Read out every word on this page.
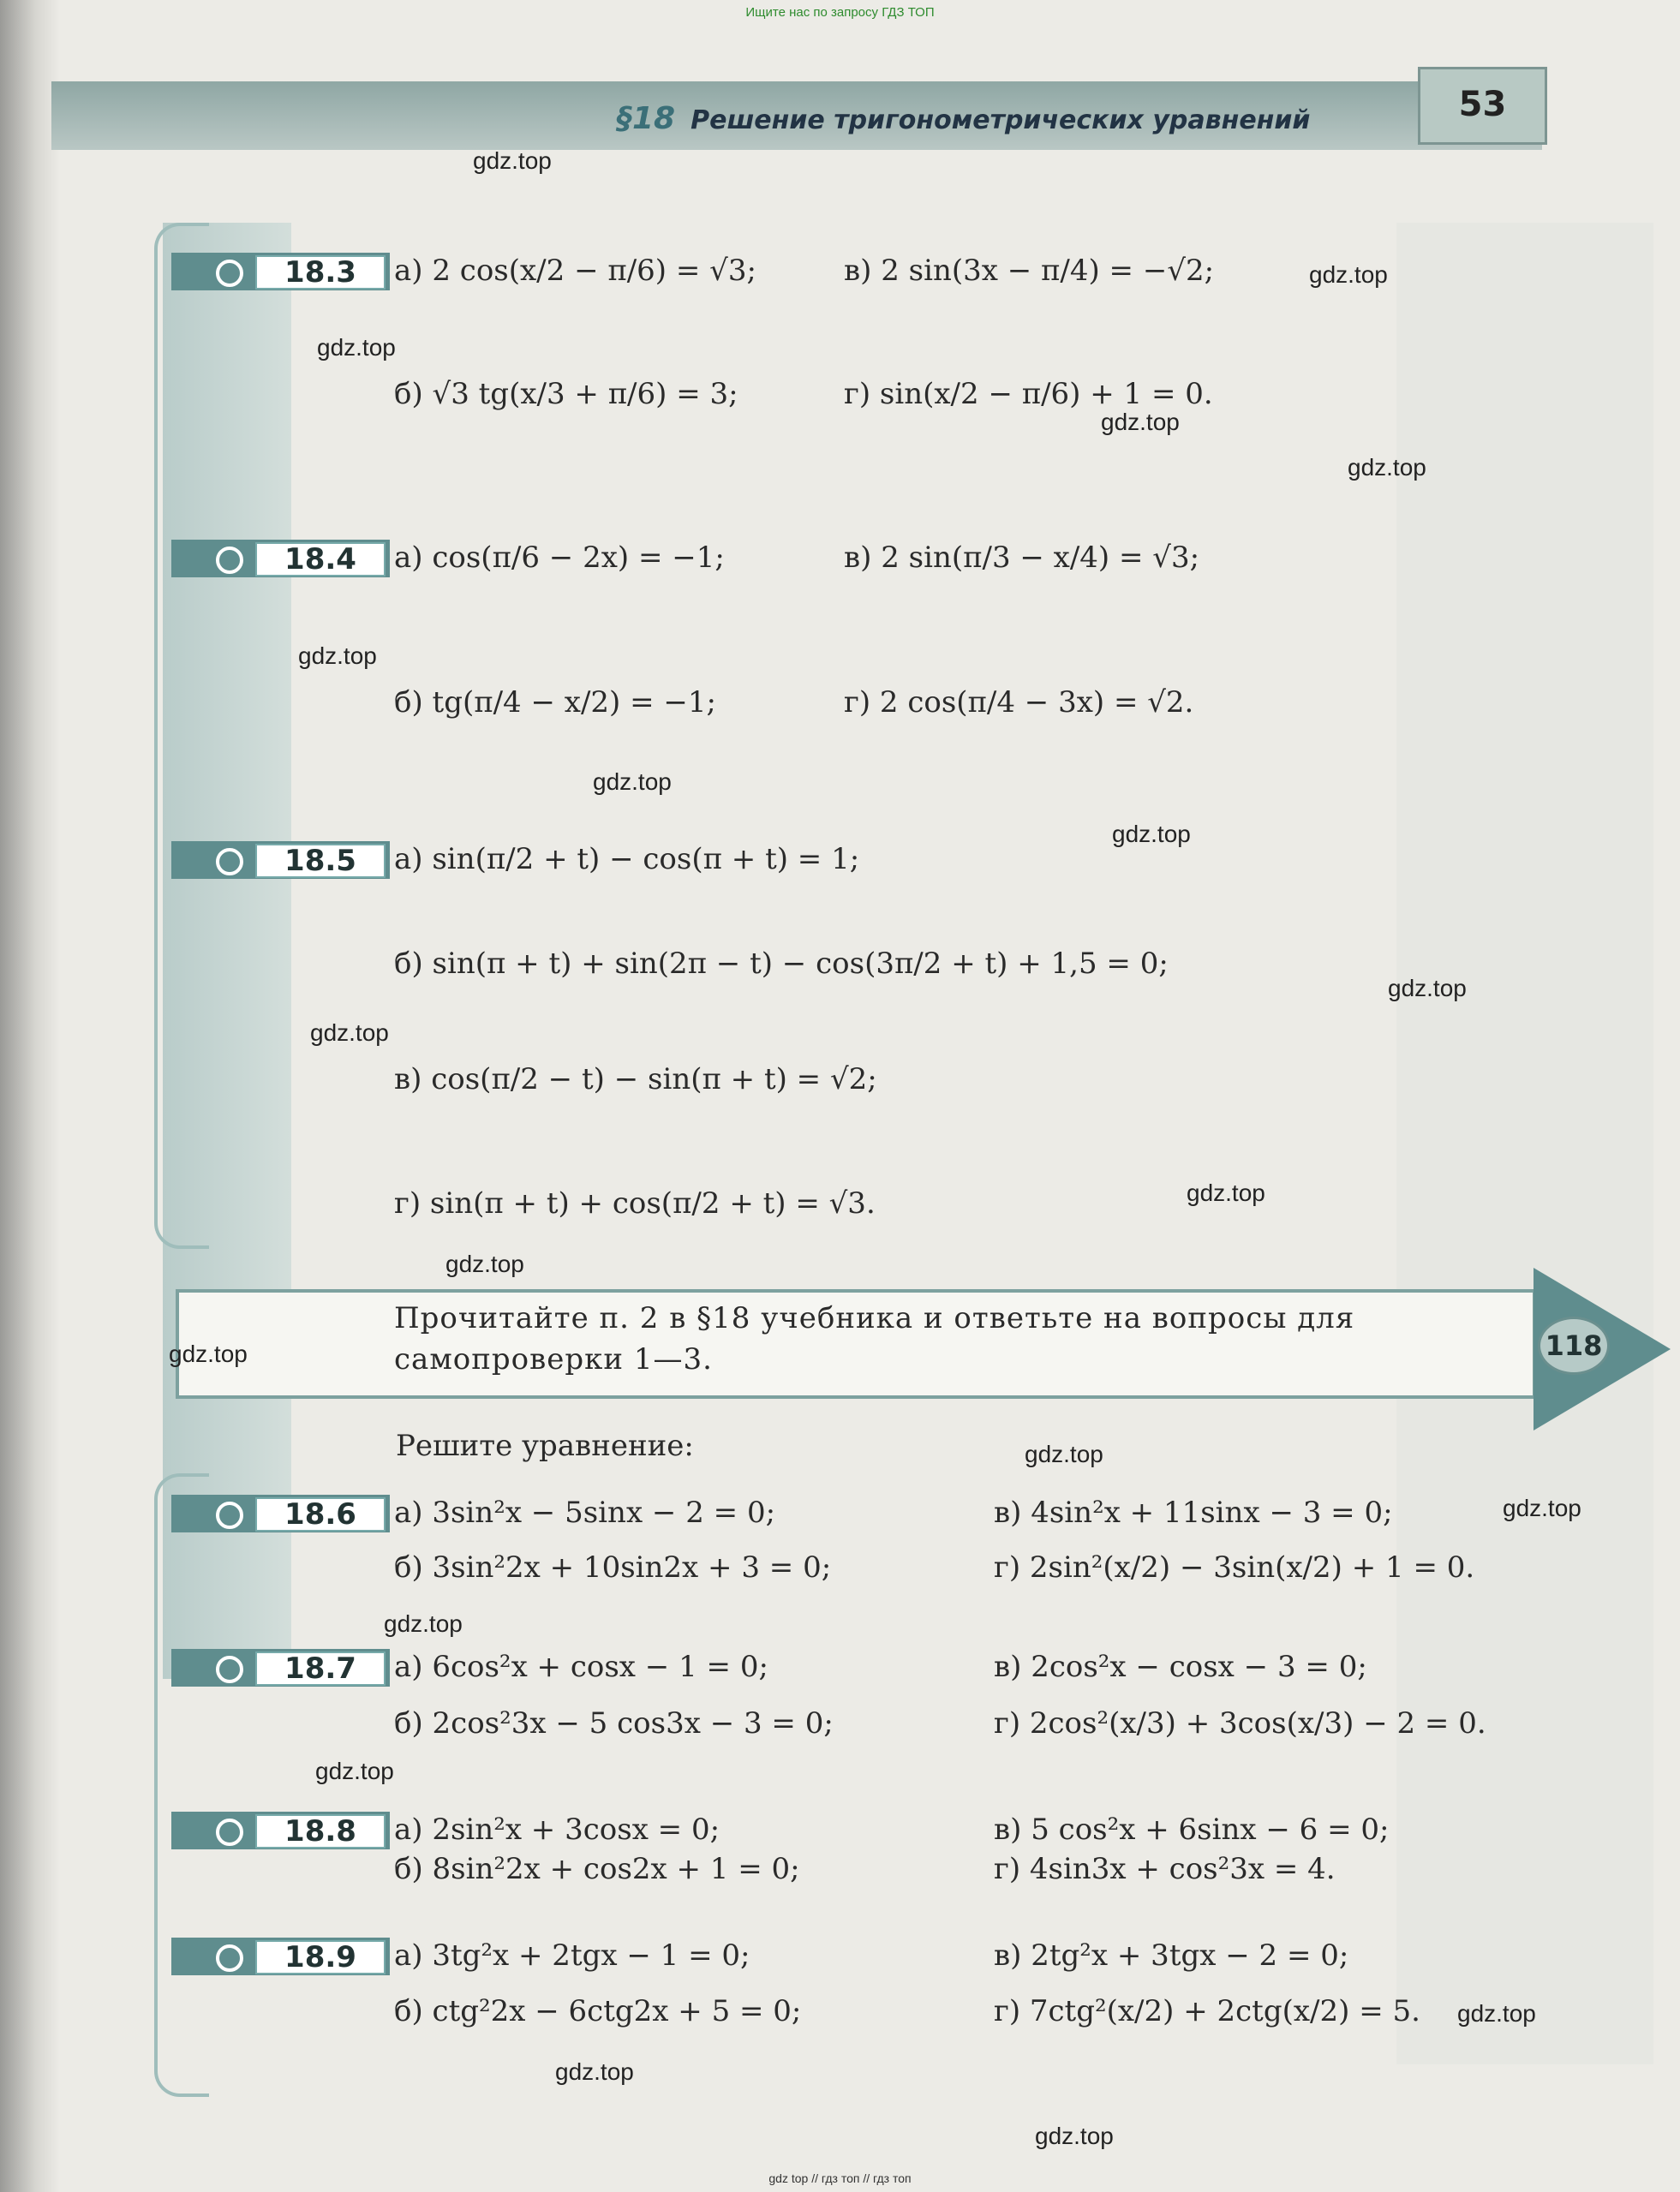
Ищите нас по запросу ГДЗ ТОП
§18 Решение тригонометрических уравнений	53
18.3	а) 2 cos(x/2 − π/6) = √3;	в) 2 sin(3x − π/4) = −√2;
б) √3 tg(x/3 + π/6) = 3;	г) sin(x/2 − π/6) + 1 = 0.
18.4	а) cos(π/6 − 2x) = −1;	в) 2 sin(π/3 − x/4) = √3;
б) tg(π/4 − x/2) = −1;	г) 2 cos(π/4 − 3x) = √2.
18.5	а) sin(π/2 + t) − cos(π + t) = 1;
б) sin(π + t) + sin(2π − t) − cos(3π/2 + t) + 1,5 = 0;
в) cos(π/2 − t) − sin(π + t) = √2;
г) sin(π + t) + cos(π/2 + t) = √3.
Прочитайте п. 2 в §18 учебника и ответьте на вопросы для самопроверки 1—3.	118
Решите уравнение:
18.6	а) 3sin²x − 5sinx − 2 = 0;	в) 4sin²x + 11sinx − 3 = 0;
б) 3sin²2x + 10sin2x + 3 = 0;	г) 2sin²(x/2) − 3sin(x/2) + 1 = 0.
18.7	а) 6cos²x + cosx − 1 = 0;	в) 2cos²x − cosx − 3 = 0;
б) 2cos²3x − 5 cos3x − 3 = 0;	г) 2cos²(x/3) + 3cos(x/3) − 2 = 0.
18.8	а) 2sin²x + 3cosx = 0;	в) 5 cos²x + 6sinx − 6 = 0;
б) 8sin²2x + cos2x + 1 = 0;	г) 4sin3x + cos²3x = 4.
18.9	а) 3tg²x + 2tgx − 1 = 0;	в) 2tg²x + 3tgx − 2 = 0;
б) ctg²2x − 6ctg2x + 5 = 0;	г) 7ctg²(x/2) + 2ctg(x/2) = 5.
gdz.top
gdz.top
gdz.top
gdz.top
gdz.top
gdz.top
gdz.top
gdz.top
gdz.top
gdz.top
gdz.top
gdz.top
gdz.top
gdz.top
gdz.top
gdz.top
gdz.top
gdz.top
gdz.top
gdz.top
gdz top // гдз топ // гдз топ
